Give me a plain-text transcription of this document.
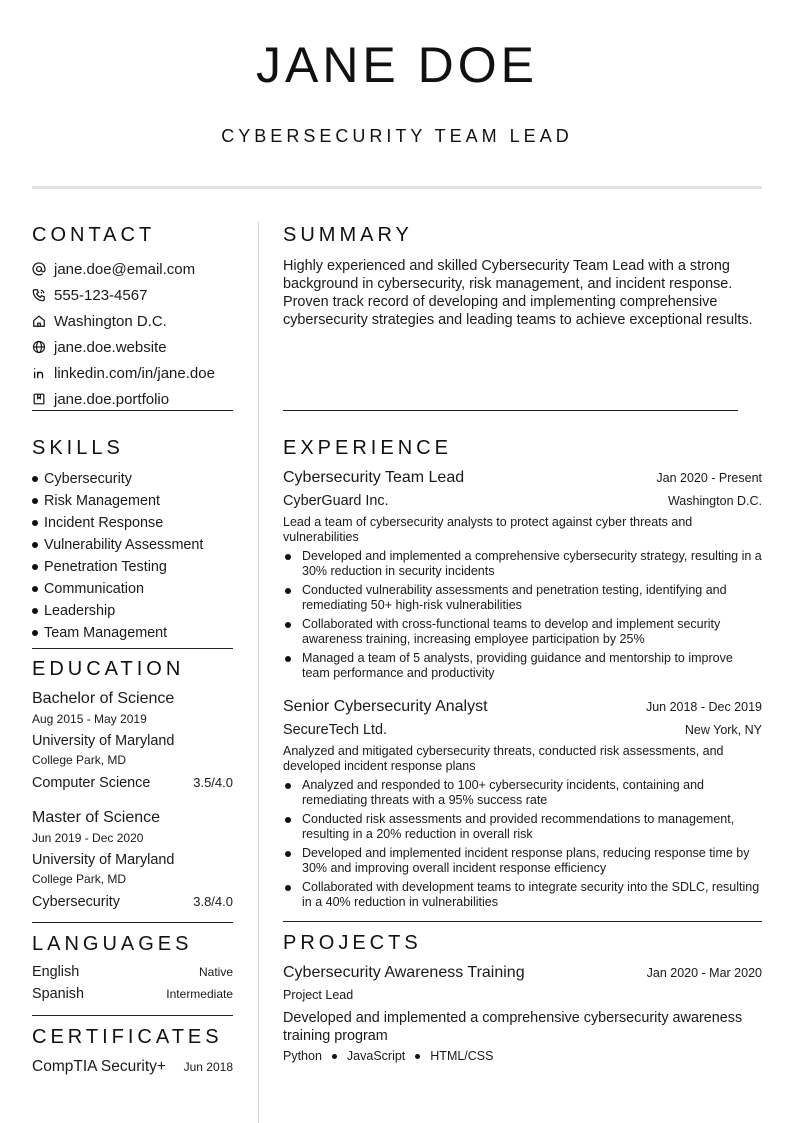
JANE DOE
CYBERSECURITY TEAM LEAD
CONTACT
jane.doe@email.com
555-123-4567
Washington D.C.
jane.doe.website
linkedin.com/in/jane.doe
jane.doe.portfolio
SUMMARY
Highly experienced and skilled Cybersecurity Team Lead with a strong background in cybersecurity, risk management, and incident response. Proven track record of developing and implementing comprehensive cybersecurity strategies and leading teams to achieve exceptional results.
SKILLS
Cybersecurity
Risk Management
Incident Response
Vulnerability Assessment
Penetration Testing
Communication
Leadership
Team Management
EDUCATION
Bachelor of Science
Aug 2015 - May 2019
University of Maryland
College Park, MD
Computer Science	3.5/4.0
Master of Science
Jun 2019 - Dec 2020
University of Maryland
College Park, MD
Cybersecurity	3.8/4.0
LANGUAGES
English	Native
Spanish	Intermediate
CERTIFICATES
CompTIA Security+ Jun 2018
EXPERIENCE
Cybersecurity Team Lead	Jan 2020 - Present
CyberGuard Inc.	Washington D.C.
Lead a team of cybersecurity analysts to protect against cyber threats and vulnerabilities
Developed and implemented a comprehensive cybersecurity strategy, resulting in a 30% reduction in security incidents
Conducted vulnerability assessments and penetration testing, identifying and remediating 50+ high-risk vulnerabilities
Collaborated with cross-functional teams to develop and implement security awareness training, increasing employee participation by 25%
Managed a team of 5 analysts, providing guidance and mentorship to improve team performance and productivity
Senior Cybersecurity Analyst	Jun 2018 - Dec 2019
SecureTech Ltd.	New York, NY
Analyzed and mitigated cybersecurity threats, conducted risk assessments, and developed incident response plans
Analyzed and responded to 100+ cybersecurity incidents, containing and remediating threats with a 95% success rate
Conducted risk assessments and provided recommendations to management, resulting in a 20% reduction in overall risk
Developed and implemented incident response plans, reducing response time by 30% and improving overall incident response efficiency
Collaborated with development teams to integrate security into the SDLC, resulting in a 40% reduction in vulnerabilities
PROJECTS
Cybersecurity Awareness Training	Jan 2020 - Mar 2020
Project Lead
Developed and implemented a comprehensive cybersecurity awareness training program
Python JavaScript HTML/CSS
